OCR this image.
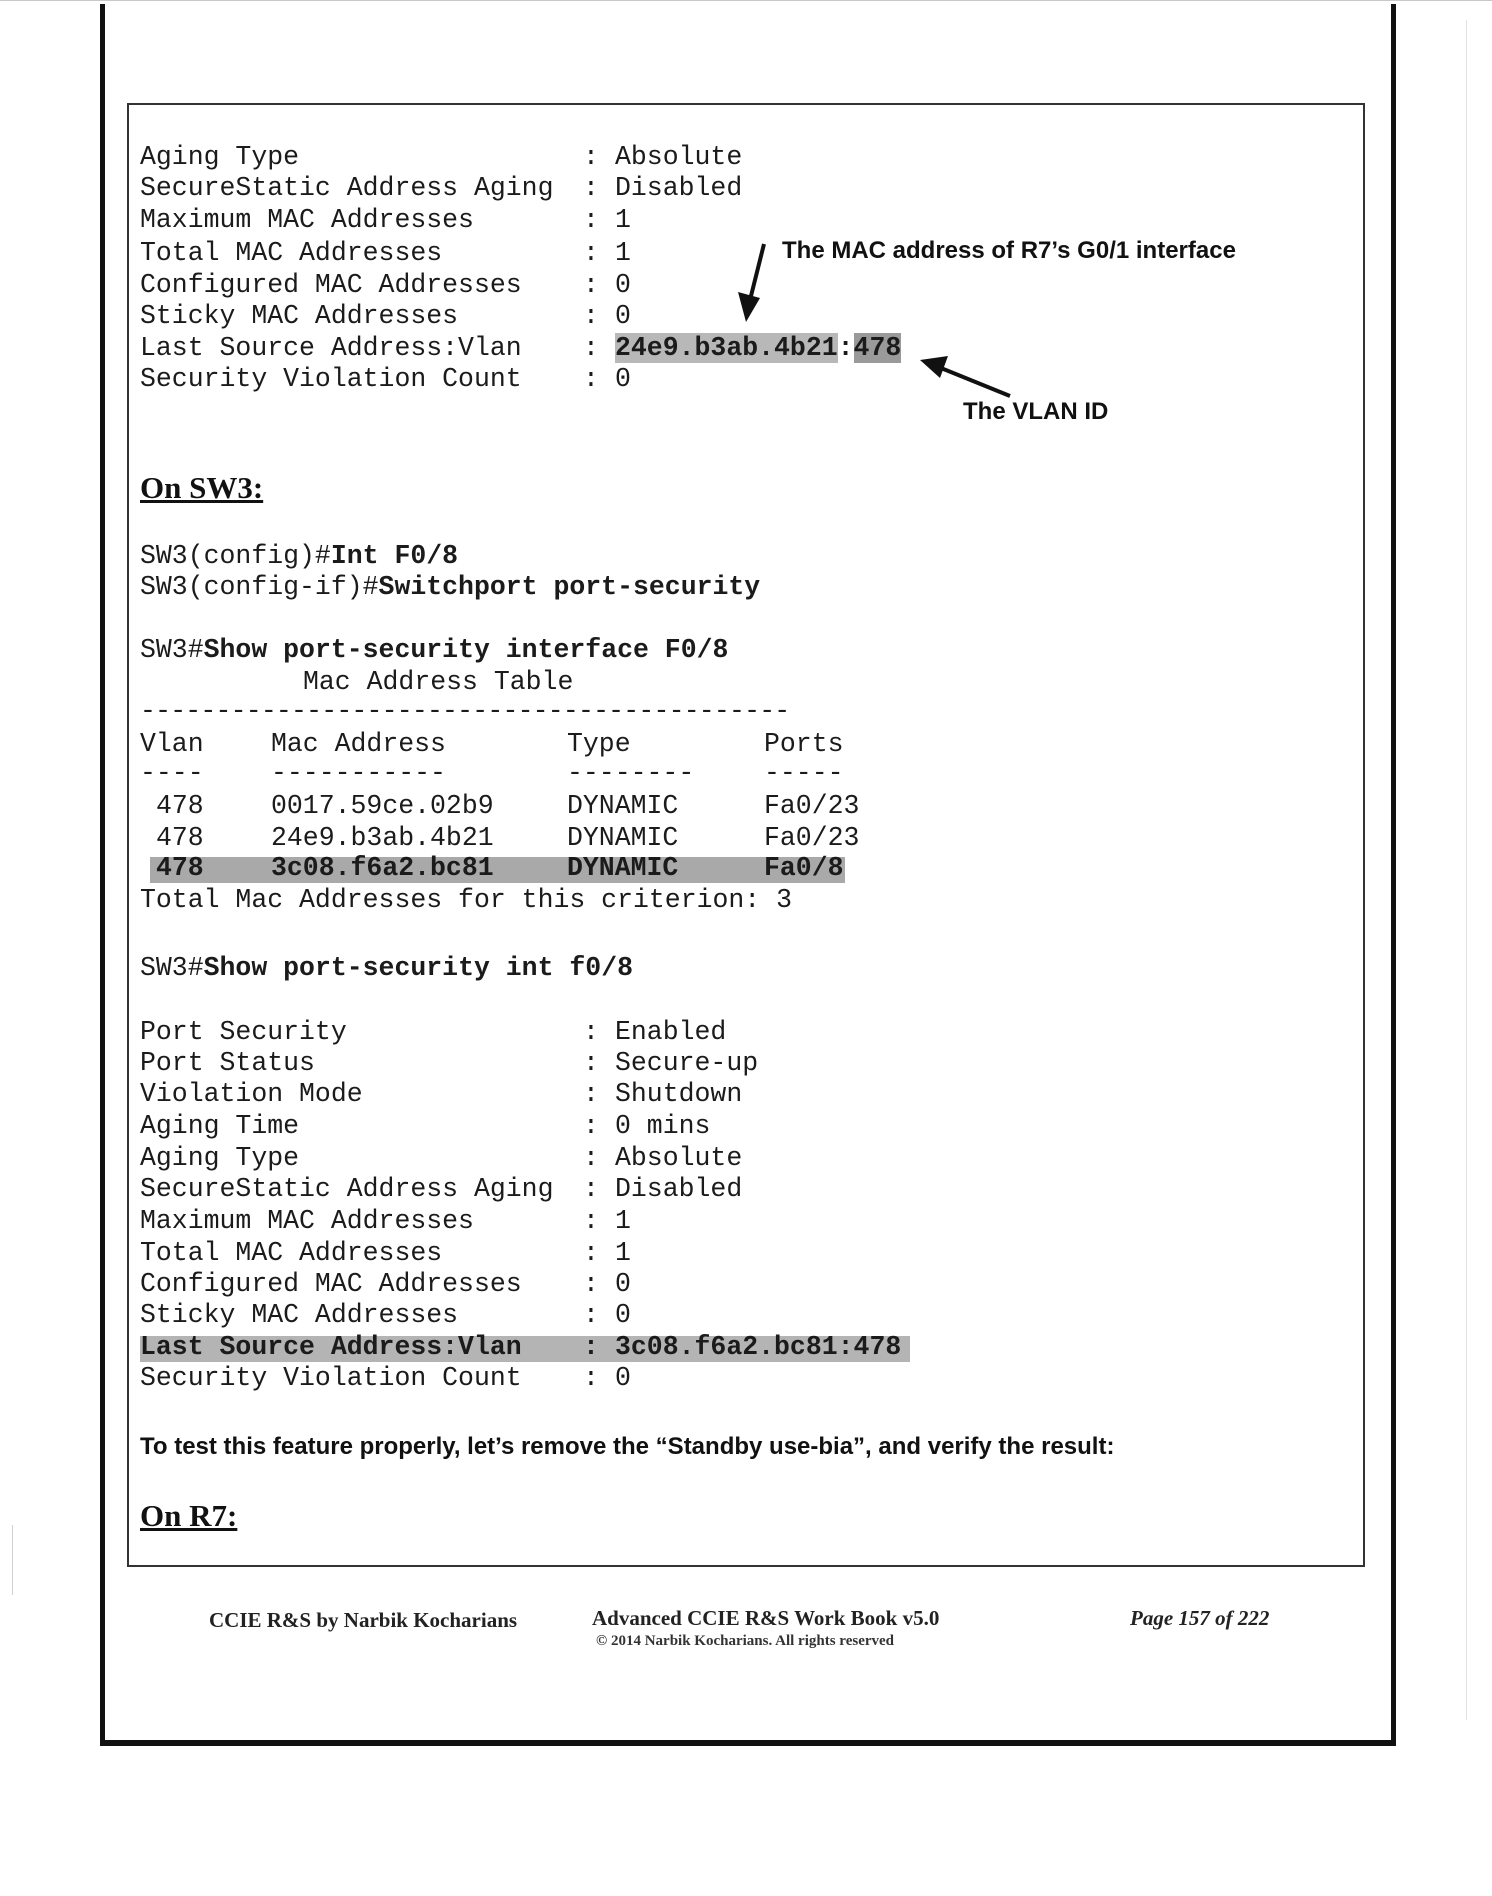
Aging Type	: Absolute
SecureStatic Address Aging : Disabled
Maximum MAC Addresses	: 1
Total MAC Addresses	: 1
Configured MAC Addresses : 0
Sticky MAC Addresses	: 0
Last Source Address:Vlan : 24e9.b3ab.4b21:478
Security Violation Count : 0
The MAC address of R7’s G0/1 interface
The VLAN ID
On SW3:
SW3(config)#Int F0/8
SW3(config-if)#Switchport port-security
SW3#Show port-security interface F0/8
Mac Address Table
-------------------------------------------
Vlan	Mac Address	Type	Ports
----	-----------	--------	-----
478	0017.59ce.02b9	DYNAMIC	Fa0/23
478	24e9.b3ab.4b21	DYNAMIC	Fa0/23
478	3c08.f6a2.bc81	DYNAMIC	Fa0/8
Total Mac Addresses for this criterion: 3
SW3#Show port-security int f0/8
Port Security	: Enabled
Port Status	: Secure-up
Violation Mode	: Shutdown
Aging Time	: 0 mins
Aging Type	: Absolute
SecureStatic Address Aging : Disabled
Maximum MAC Addresses	: 1
Total MAC Addresses	: 1
Configured MAC Addresses : 0
Sticky MAC Addresses	: 0
Last Source Address:Vlan : 3c08.f6a2.bc81:478
Security Violation Count : 0
To test this feature properly, let’s remove the “Standby use-bia”, and verify the result:
On R7:
CCIE R&S by Narbik Kocharians	Advanced CCIE R&S Work Book v5.0
© 2014 Narbik Kocharians. All rights reserved
Page 157 of 222
